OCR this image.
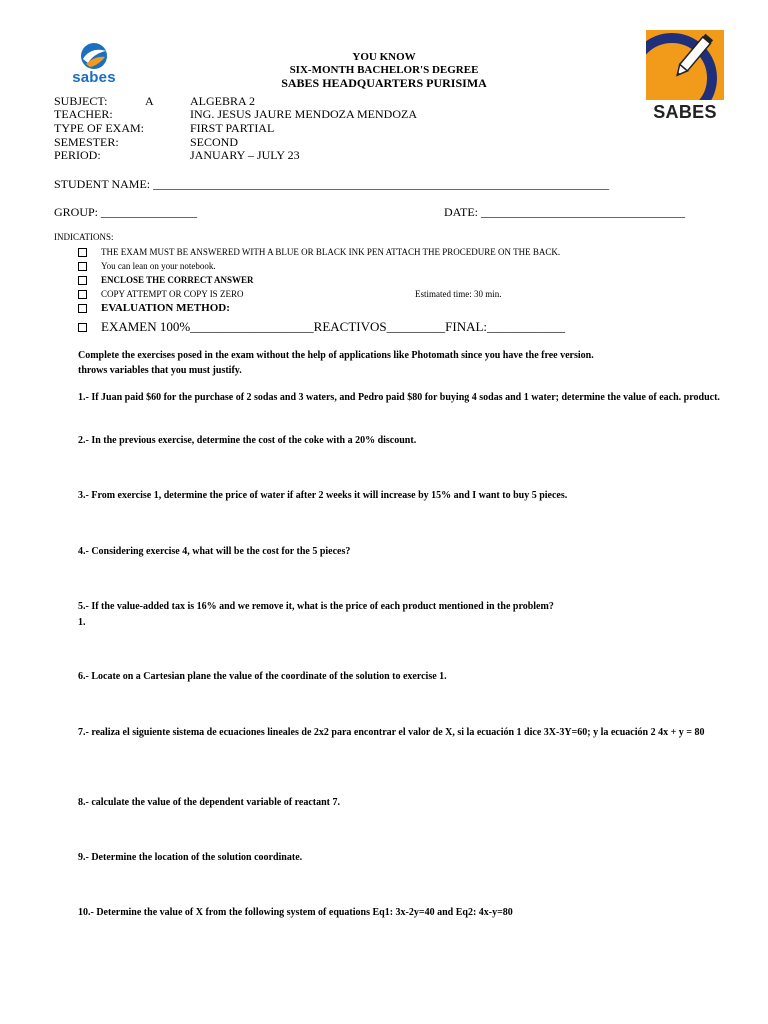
sabes
SABES
YOU KNOW
SIX-MONTH BACHELOR'S DEGREE
SABES HEADQUARTERS PURISIMA
SUBJECT:	A	ALGEBRA 2
TEACHER:	ING. JESUS JAURE MENDOZA MENDOZA
TYPE OF EXAM:	FIRST PARTIAL
SEMESTER:	SECOND
PERIOD:	JANUARY – JULY 23
STUDENT NAME: ____________________________________________________________________________
GROUP: ________________	DATE: __________________________________
INDICATIONS:
THE EXAM MUST BE ANSWERED WITH A BLUE OR BLACK INK PEN ATTACH THE PROCEDURE ON THE BACK.
You can lean on your notebook.
ENCLOSE THE CORRECT ANSWER
COPY ATTEMPT OR COPY IS ZERO	Estimated time: 30 min.
EVALUATION METHOD:
EXAMEN 100%___________________REACTIVOS_________FINAL:____________
Complete the exercises posed in the exam without the help of applications like Photomath since you have the free version.
throws variables that you must justify.
1.- If Juan paid $60 for the purchase of 2 sodas and 3 waters, and Pedro paid $80 for buying 4 sodas and 1 water; determine the value of each. product.
2.- In the previous exercise, determine the cost of the coke with a 20% discount.
3.- From exercise 1, determine the price of water if after 2 weeks it will increase by 15% and I want to buy 5 pieces.
4.- Considering exercise 4, what will be the cost for the 5 pieces?
5.- If the value-added tax is 16% and we remove it, what is the price of each product mentioned in the problem?
1.
6.- Locate on a Cartesian plane the value of the coordinate of the solution to exercise 1.
7.- realiza el siguiente sistema de ecuaciones lineales de 2x2 para encontrar el valor de X, si la ecuación 1 dice 3X-3Y=60; y la ecuación 2 4x + y = 80
8.- calculate the value of the dependent variable of reactant 7.
9.- Determine the location of the solution coordinate.
10.- Determine the value of X from the following system of equations Eq1: 3x-2y=40 and Eq2: 4x-y=80
